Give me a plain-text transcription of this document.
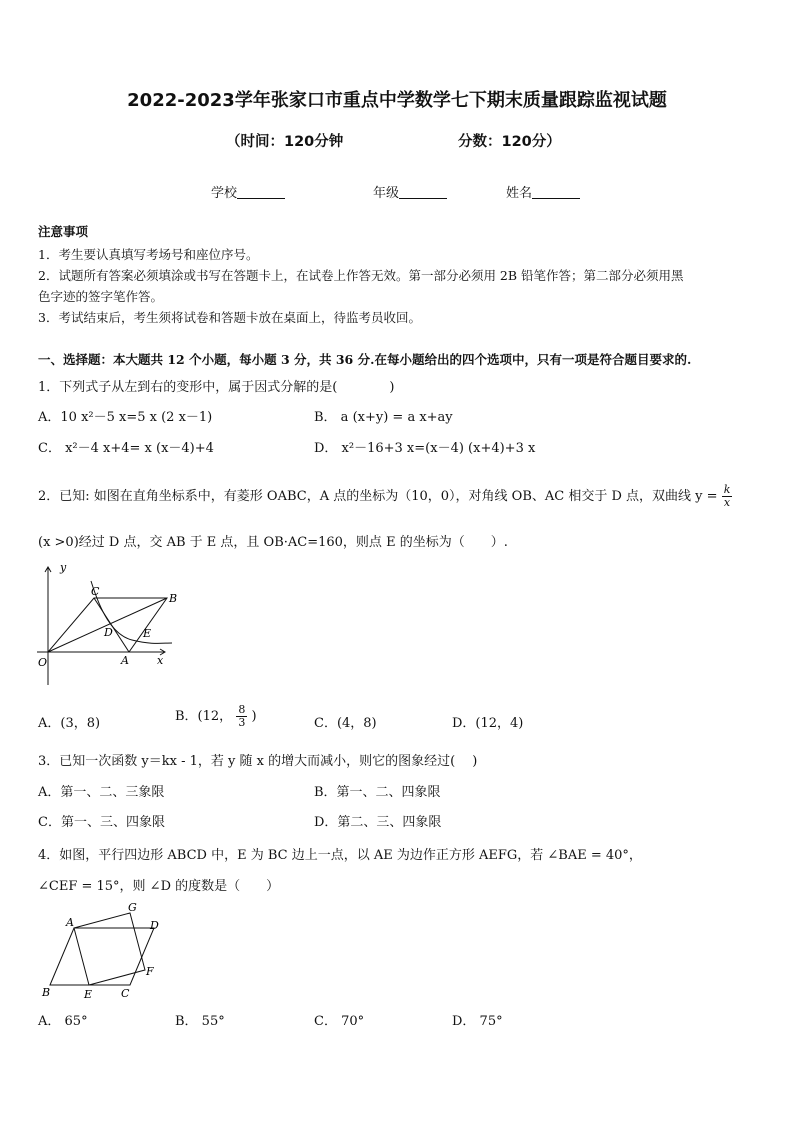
2022-2023学年张家口市重点中学数学七下期末质量跟踪监视试题
（时间：120分钟	分数：120分）
学校	年级	姓名
注意事项
1．考生要认真填写考场号和座位序号。
2．试题所有答案必须填涂或书写在答题卡上，在试卷上作答无效。第一部分必须用 2B 铅笔作答；第二部分必须用黑
色字迹的签字笔作答。
3．考试结束后，考生须将试卷和答题卡放在桌面上，待监考员收回。
一、选择题：本大题共 12 个小题，每小题 3 分，共 36 分.在每小题给出的四个选项中，只有一项是符合题目要求的.
1．下列式子从左到右的变形中，属于因式分解的是(　　　　)
A．10 x²－5 x=5 x (2 x－1)	B． a (x+y) = a x+ay
C． x²－4 x+4= x (x－4)+4	D． x²－16+3 x=(x－4) (x+4)+3 x
2．已知: 如图在直角坐标系中，有菱形 OABC，A 点的坐标为（10，0），对角线 OB、AC 相交于 D 点，双曲线 $y = \frac{k}{x}$
(x >0)经过 D 点，交 AB 于 E 点，且 OB·AC=160，则点 E 的坐标为（　　）.
y
x
O	A
B
C
D	E
A．(3，8)	B．(12， $\frac{8}{3}$ )	C．(4，8)	D．(12，4)
3．已知一次函数 y＝kx - 1，若 y 随 x 的增大而减小，则它的图象经过(　 )
A．第一、二、三象限	B．第一、二、四象限
C．第一、三、四象限	D．第二、三、四象限
4．如图，平行四边形 ABCD 中，E 为 BC 边上一点，以 AE 为边作正方形 AEFG，若 ∠BAE = 40°，
∠CEF = 15°，则 ∠D 的度数是（　　）
B
A
G
D
F
E	C
A． 65°	B． 55°	C． 70°	D． 75°
